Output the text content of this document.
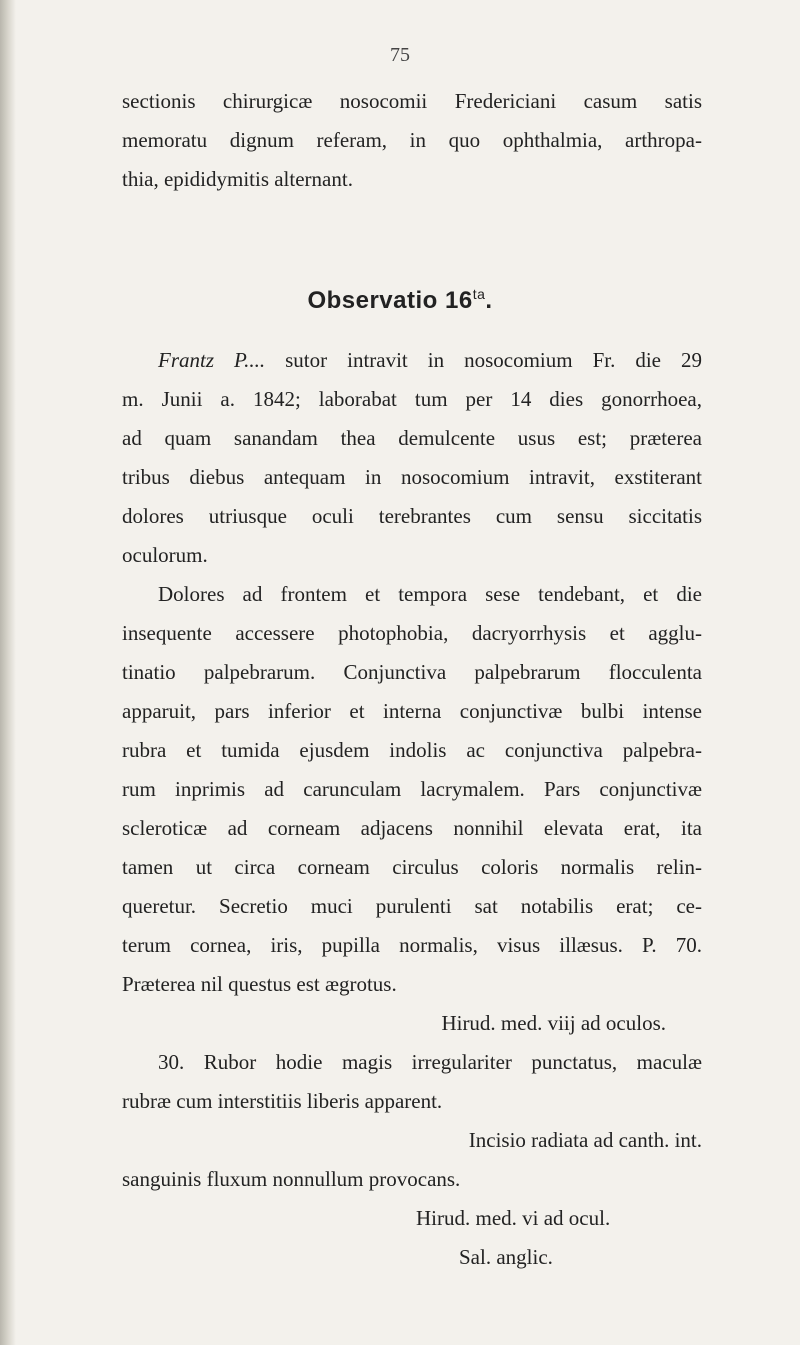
75
sectionis chirurgicæ nosocomii Fredericiani casum satis
memoratu dignum referam, in quo ophthalmia, arthropa-
thia, epididymitis alternant.
Observatio $16^{ta}$.
Frantz P.... sutor intravit in nosocomium Fr. die 29
m. Junii a. 1842; laborabat tum per 14 dies gonorrhoea,
ad quam sanandam thea demulcente usus est; præterea
tribus diebus antequam in nosocomium intravit, exstiterant
dolores utriusque oculi terebrantes cum sensu siccitatis
oculorum.
Dolores ad frontem et tempora sese tendebant, et die
insequente accessere photophobia, dacryorrhysis et agglu-
tinatio palpebrarum. Conjunctiva palpebrarum flocculenta
apparuit, pars inferior et interna conjunctivæ bulbi intense
rubra et tumida ejusdem indolis ac conjunctiva palpebra-
rum inprimis ad carunculam lacrymalem. Pars conjunctivæ
scleroticæ ad corneam adjacens nonnihil elevata erat, ita
tamen ut circa corneam circulus coloris normalis relin-
queretur. Secretio muci purulenti sat notabilis erat; ce-
terum cornea, iris, pupilla normalis, visus illæsus. P. 70.
Præterea nil questus est ægrotus.
Hirud. med. viij ad oculos.
30. Rubor hodie magis irregulariter punctatus, maculæ
rubræ cum interstitiis liberis apparent.
Incisio radiata ad canth. int.
sanguinis fluxum nonnullum provocans.
Hirud. med. vi ad ocul.
Sal. anglic.
